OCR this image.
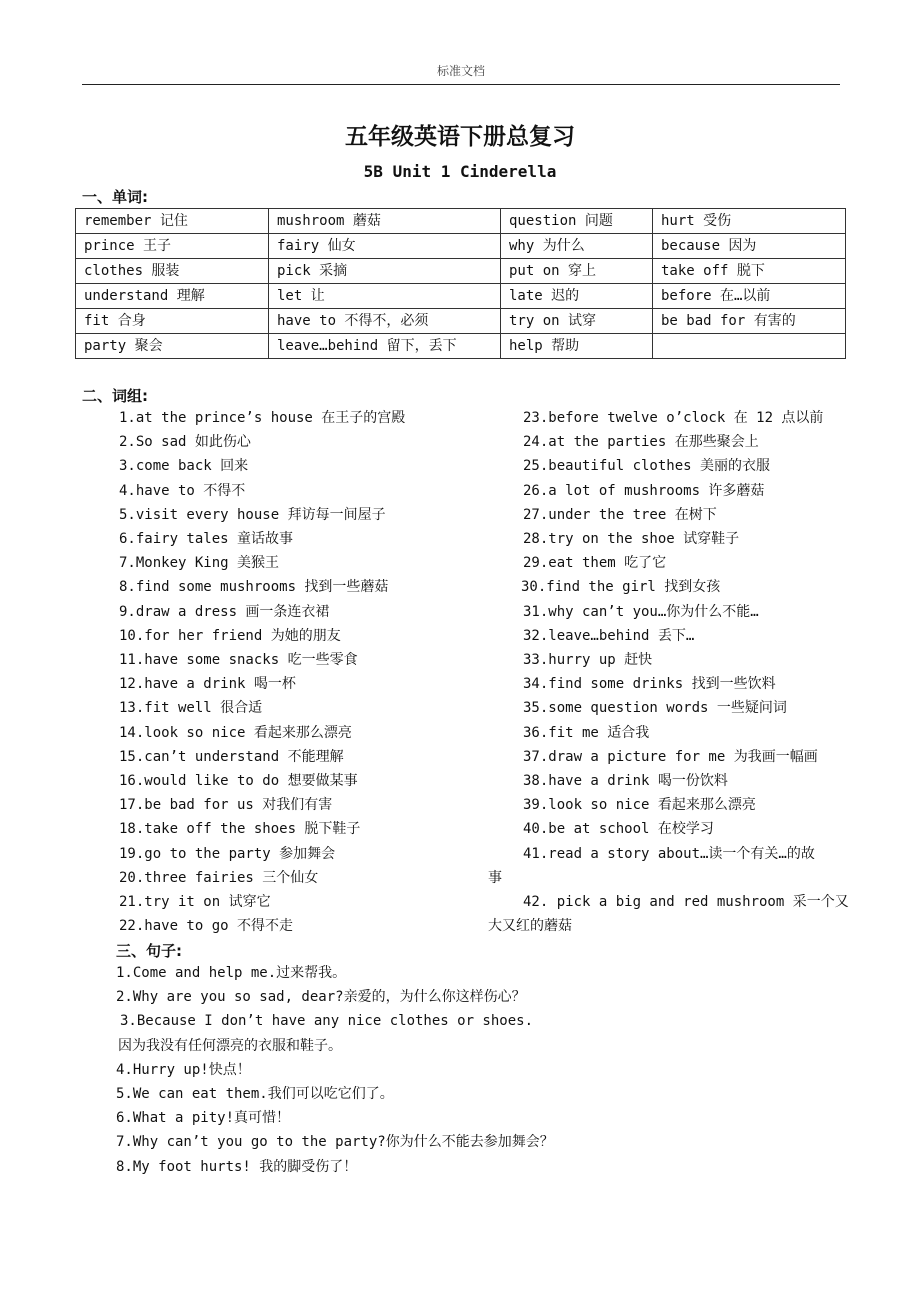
标准文档
五年级英语下册总复习
5B Unit 1 Cinderella
一、单词:
remember 记住	mushroom 蘑菇	question 问题	hurt 受伤
prince 王子	fairy 仙女	why 为什么	because 因为
clothes 服装	pick 采摘	put on 穿上	take off 脱下
understand 理解	let 让	late 迟的	before 在…以前
fit 合身	have to 不得不，必须	try on 试穿	be bad for 有害的
party 聚会	leave…behind 留下，丢下	help 帮助	
二、词组:
1.at the prince’s house 在王子的宫殿
2.So sad 如此伤心
3.come back 回来
4.have to 不得不
5.visit every house 拜访每一间屋子
6.fairy tales 童话故事
7.Monkey King 美猴王
8.find some mushrooms 找到一些蘑菇
9.draw a dress 画一条连衣裙
10.for her friend 为她的朋友
11.have some snacks 吃一些零食
12.have a drink 喝一杯
13.fit well 很合适
14.look so nice 看起来那么漂亮
15.can’t understand 不能理解
16.would like to do 想要做某事
17.be bad for us 对我们有害
18.take off the shoes 脱下鞋子
19.go to the party 参加舞会
20.three fairies 三个仙女
21.try it on 试穿它
22.have to go 不得不走
23.before twelve o’clock 在 12 点以前
24.at the parties 在那些聚会上
25.beautiful clothes 美丽的衣服
26.a lot of mushrooms 许多蘑菇
27.under the tree 在树下
28.try on the shoe 试穿鞋子
29.eat them 吃了它
30.find the girl 找到女孩
31.why can’t you…你为什么不能…
32.leave…behind 丢下…
33.hurry up 赶快
34.find some drinks 找到一些饮料
35.some question words 一些疑问词
36.fit me 适合我
37.draw a picture for me 为我画一幅画
38.have a drink 喝一份饮料
39.look so nice 看起来那么漂亮
40.be at school 在校学习
41.read a story about…读一个有关…的故
事
42. pick a big and red mushroom 采一个又
大又红的蘑菇
三、句子:
1.Come and help me.过来帮我。
2.Why are you so sad, dear?亲爱的，为什么你这样伤心？
3.Because I don’t have any nice clothes or shoes.
因为我没有任何漂亮的衣服和鞋子。
4.Hurry up!快点！
5.We can eat them.我们可以吃它们了。
6.What a pity!真可惜！
7.Why can’t you go to the party?你为什么不能去参加舞会？
8.My foot hurts! 我的脚受伤了！
